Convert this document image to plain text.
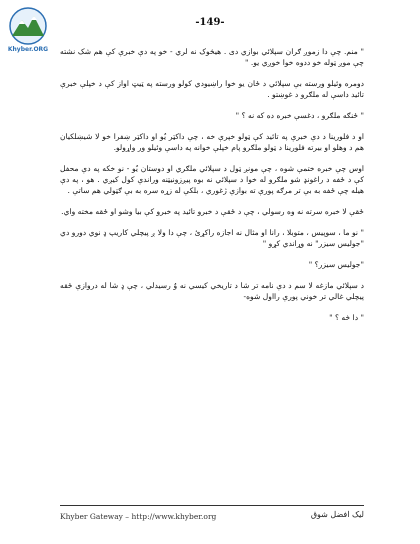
Khyber.ORG
-149-

" منم. چې دا زموږ ګران سپلائي بوازي دی . هيڅوک نه لري - خو په دې خبرې کې هم شک نشته چې موږ ټوله خو ددوه خوا خوږي يو. "

دومره وئيلو ورسته بې سپلائي د ځان يو خوا راښيودي کولو ورسته په ټيټ اواز کې د خپلې خبرې تائيد داسې له ملګرو د غوښتو .

" ځنګه ملګرو ، دغسې خبره ده که نه ؟ "

او د فلورينا د دې خبرې په تائيد کې ټولو خپرې خه ، چې داکټر يُو او داکټر ښفرا خو لا شيښلکيان هم د وهلو او بيرته فلورينا د ټولو ملګرو پام خپلې خوانه په داسې وئيلو ور واړولو.

اوس چې خبره ختمې شوه ، چې مونږ ټول د سپلائي ملګري او دوستان يُو - نو خکه په دې محفل کې د ځفه د راغونډ شو ملګرو له خوا د سپلائي نه بوه پيږزونيټنه وراندې کول کيږي . هو ، په دې هيله چې ځفه به بې تر مرګه پورې ته بوازې ژغوري ، بلکې له زړه سره به بې ګټولي هم ساتې .

ځقې لا خبره سرته نه وه رسولي ، چې د ځقې د خبرو تائيد په خبرو کې بيا وشو او ځقه مخته واي.

" نو ما ، سوپيس ، متوبلا ، رانا او مثال نه اجازه راکړئ ، چې دا ولا ږ پيچلي کاريپ ډ نوي دورو دي "جوليس سيزر" نه وړاندي کړو "

"جوليس سيزر؟ "

د سپلائي مازغه لا سم د دې نامه تر شا د تاريخي کيسي نه وُ رسيدلي ، چې ډ شا له دروازې ځقه پيچلي غالي تر خوني پورې رااول شوه-

" دا څه ؟ "

Khyber Gateway – http://www.khyber.org	ليک افضل شوق
